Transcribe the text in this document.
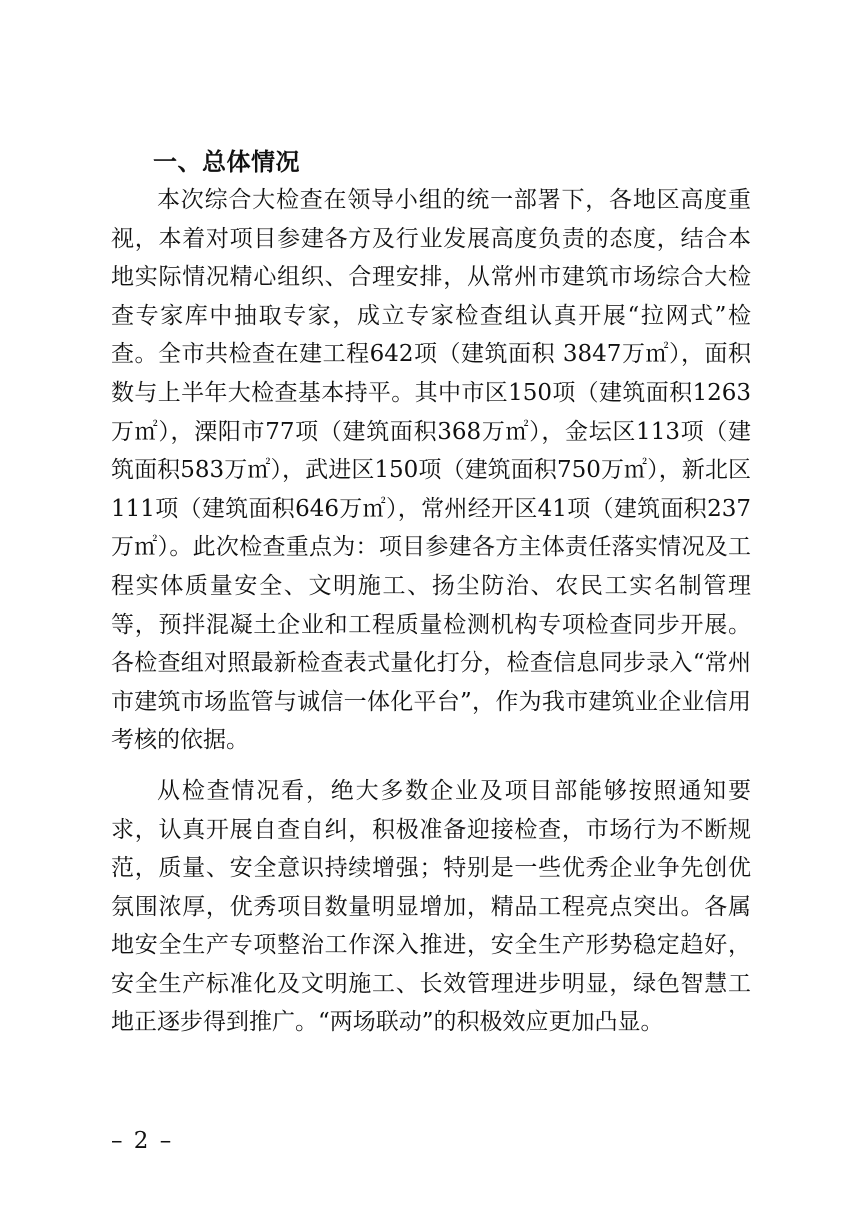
一、总体情况

本次综合大检查在领导小组的统一部署下，各地区高度重视，本着对项目参建各方及行业发展高度负责的态度，结合本地实际情况精心组织、合理安排，从常州市建筑市场综合大检查专家库中抽取专家，成立专家检查组认真开展“拉网式”检查。全市共检查在建工程642项（建筑面积 3847万㎡），面积数与上半年大检查基本持平。其中市区150项（建筑面积1263万㎡），溧阳市77项（建筑面积368万㎡），金坛区113项（建筑面积583万㎡），武进区150项（建筑面积750万㎡），新北区111项（建筑面积646万㎡），常州经开区41项（建筑面积237万㎡）。此次检查重点为：项目参建各方主体责任落实情况及工程实体质量安全、文明施工、扬尘防治、农民工实名制管理等，预拌混凝土企业和工程质量检测机构专项检查同步开展。各检查组对照最新检查表式量化打分，检查信息同步录入“常州市建筑市场监管与诚信一体化平台”，作为我市建筑业企业信用考核的依据。

从检查情况看，绝大多数企业及项目部能够按照通知要求，认真开展自查自纠，积极准备迎接检查，市场行为不断规范，质量、安全意识持续增强；特别是一些优秀企业争先创优氛围浓厚，优秀项目数量明显增加，精品工程亮点突出。各属地安全生产专项整治工作深入推进，安全生产形势稳定趋好，安全生产标准化及文明施工、长效管理进步明显，绿色智慧工地正逐步得到推广。“两场联动”的积极效应更加凸显。

– 2 –
